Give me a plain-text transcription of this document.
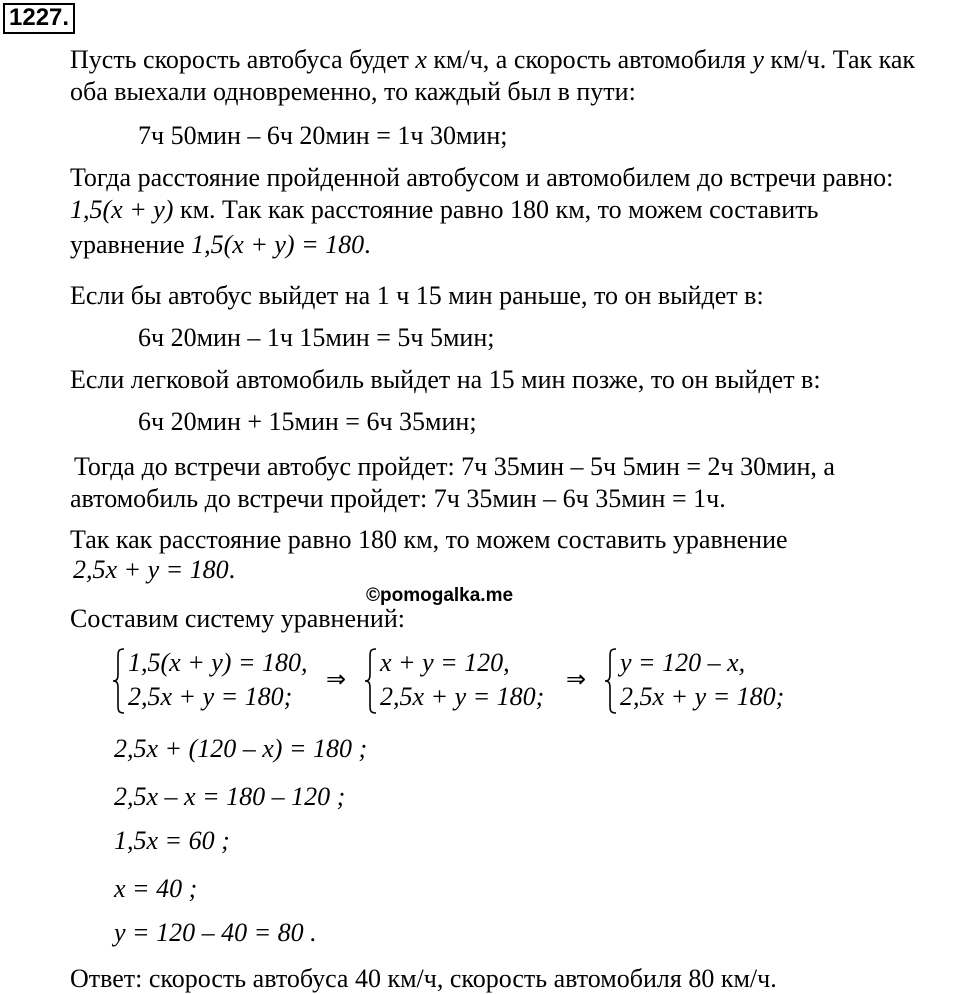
1227.
Пусть скорость автобуса будет x км/ч, а скорость автомобиля y км/ч. Так как
оба выехали одновременно, то каждый был в пути:
7ч 50мин – 6ч 20мин = 1ч 30мин;
Тогда расстояние пройденной автобусом и автомобилем до встречи равно:
1,5(x + y) км. Так как расстояние равно 180 км, то можем составить
уравнение 1,5(x + y) = 180.
Если бы автобус выйдет на 1 ч 15 мин раньше, то он выйдет в:
6ч 20мин – 1ч 15мин = 5ч 5мин;
Если легковой автомобиль выйдет на 15 мин позже, то он выйдет в:
6ч 20мин + 15мин = 6ч 35мин;
Тогда до встречи автобус пройдет: 7ч 35мин – 5ч 5мин = 2ч 30мин, а
автомобиль до встречи пройдет: 7ч 35мин – 6ч 35мин = 1ч.
Так как расстояние равно 180 км, то можем составить уравнение
2,5x + y = 180.
©pomogalka.me
Составим систему уравнений:
1,5(x + y) = 180,
2,5x + y = 180;
⇒
x + y = 120,
2,5x + y = 180;
⇒
y = 120 – x,
2,5x + y = 180;
2,5x + (120 – x) = 180 ;
2,5x – x = 180 – 120 ;
1,5x = 60 ;
x = 40 ;
y = 120 – 40 = 80 .
Ответ: скорость автобуса 40 км/ч, скорость автомобиля 80 км/ч.
